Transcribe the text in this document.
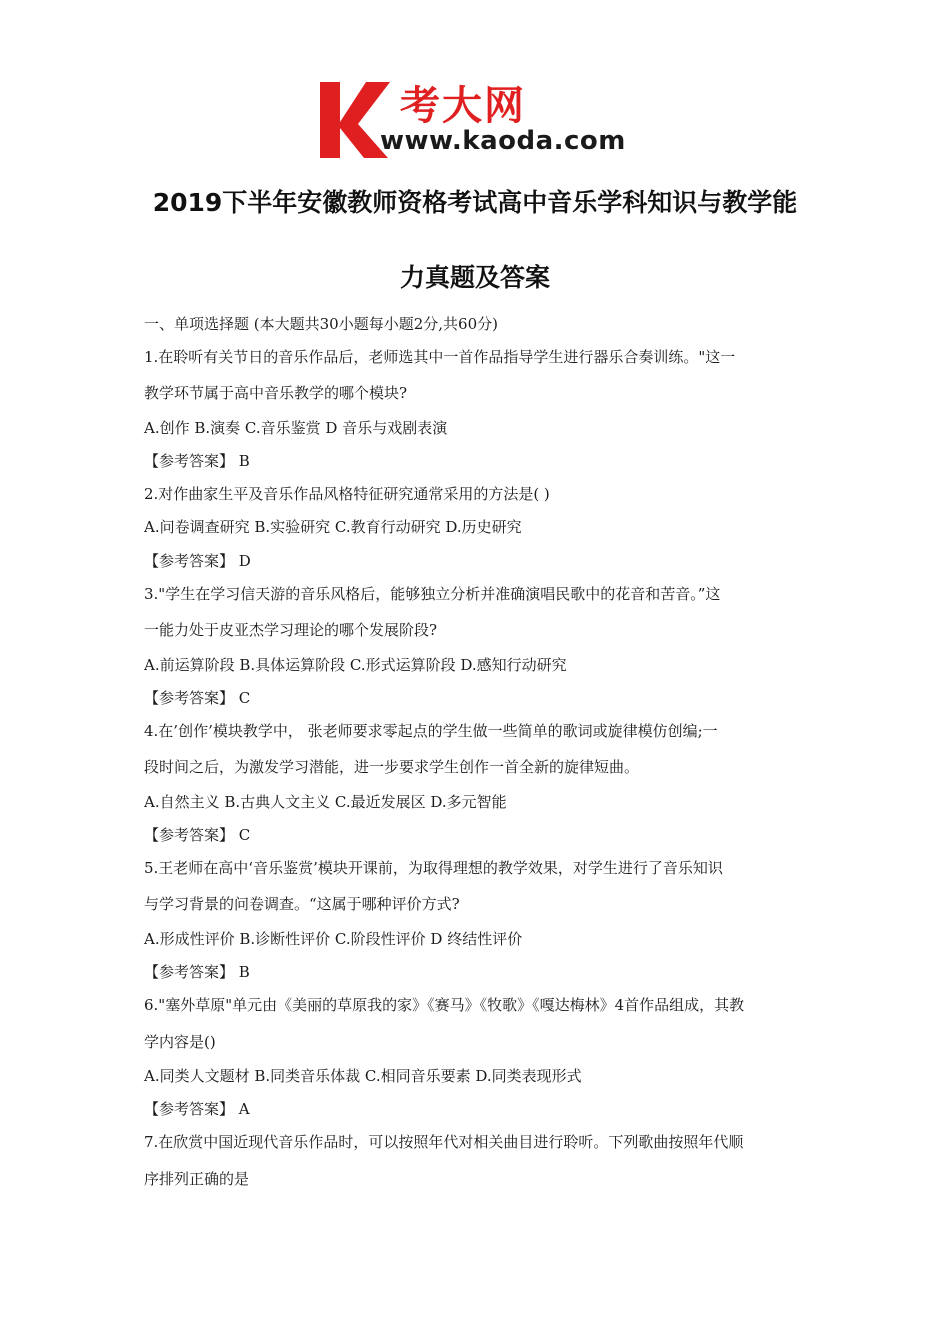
考大网
www.kaoda.com
2019下半年安徽教师资格考试高中音乐学科知识与教学能
力真题及答案
一、单项选择题 (本大题共30小题每小题2分,共60分)
1.在聆听有关节日的音乐作品后，老师选其中一首作品指导学生进行器乐合奏训练。"这一
教学环节属于高中音乐教学的哪个模块?
A.创作 B.演奏 C.音乐鉴赏 D 音乐与戏剧表演
【参考答案】 B
2.对作曲家生平及音乐作品风格特征研究通常采用的方法是( )
A.问卷调查研究 B.实验研究 C.教育行动研究 D.历史研究
【参考答案】 D
3."学生在学习信天游的音乐风格后，能够独立分析并准确演唱民歌中的花音和苦音。”这
一能力处于皮亚杰学习理论的哪个发展阶段?
A.前运算阶段 B.具体运算阶段 C.形式运算阶段 D.感知行动研究
【参考答案】 C
4.在’创作’模块教学中， 张老师要求零起点的学生做一些简单的歌词或旋律模仿创编;一
段时间之后，为激发学习潜能，进一步要求学生创作一首全新的旋律短曲。
A.自然主义 B.古典人文主义 C.最近发展区 D.多元智能
【参考答案】 C
5.王老师在高中‘音乐鉴赏’模块开课前，为取得理想的教学效果，对学生进行了音乐知识
与学习背景的问卷调查。“这属于哪种评价方式?
A.形成性评价 B.诊断性评价 C.阶段性评价 D 终结性评价
【参考答案】 B
6."塞外草原"单元由《美丽的草原我的家》《赛马》《牧歌》《嘎达梅林》4首作品组成，其教
学内容是()
A.同类人文题材 B.同类音乐体裁 C.相同音乐要素 D.同类表现形式
【参考答案】 A
7.在欣赏中国近现代音乐作品时，可以按照年代对相关曲目进行聆听。下列歌曲按照年代顺
序排列正确的是
